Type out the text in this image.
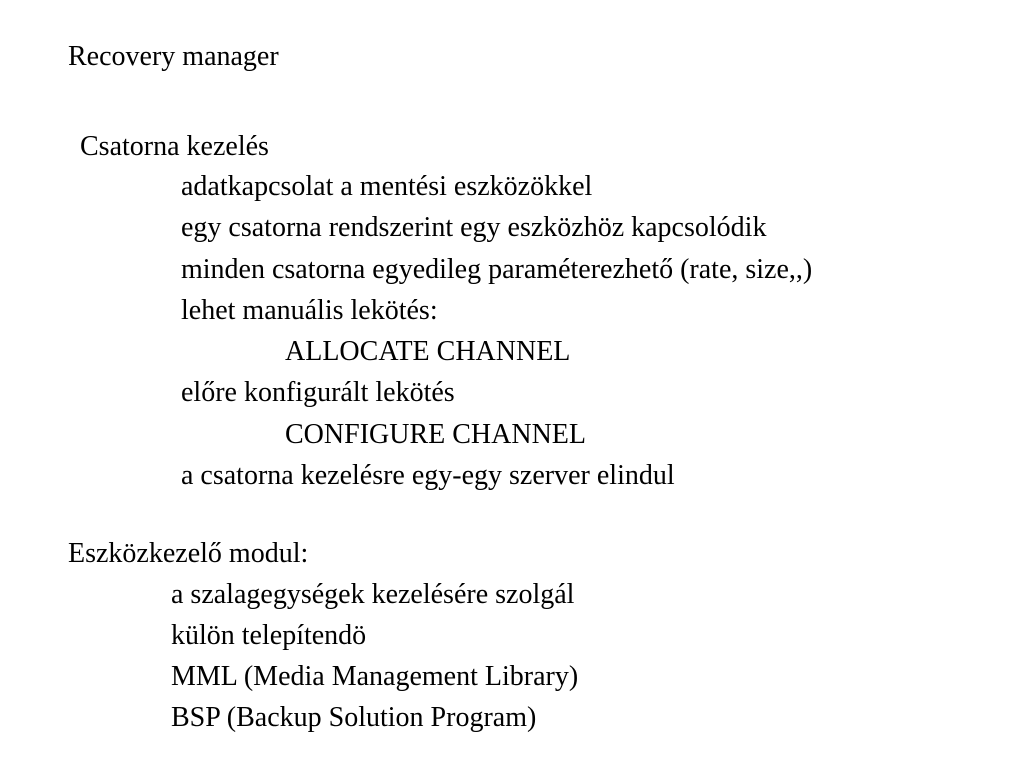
Recovery manager
Csatorna kezelés
adatkapcsolat a mentési eszközökkel
egy csatorna rendszerint egy eszközhöz kapcsolódik
minden csatorna egyedileg paraméterezhető (rate, size,,)
lehet manuális lekötés:
ALLOCATE CHANNEL
előre konfigurált lekötés
CONFIGURE CHANNEL
a csatorna kezelésre egy-egy szerver elindul
Eszközkezelő modul:
a szalagegységek kezelésére szolgál
külön telepítendö
MML (Media Management Library)
BSP (Backup Solution Program)
